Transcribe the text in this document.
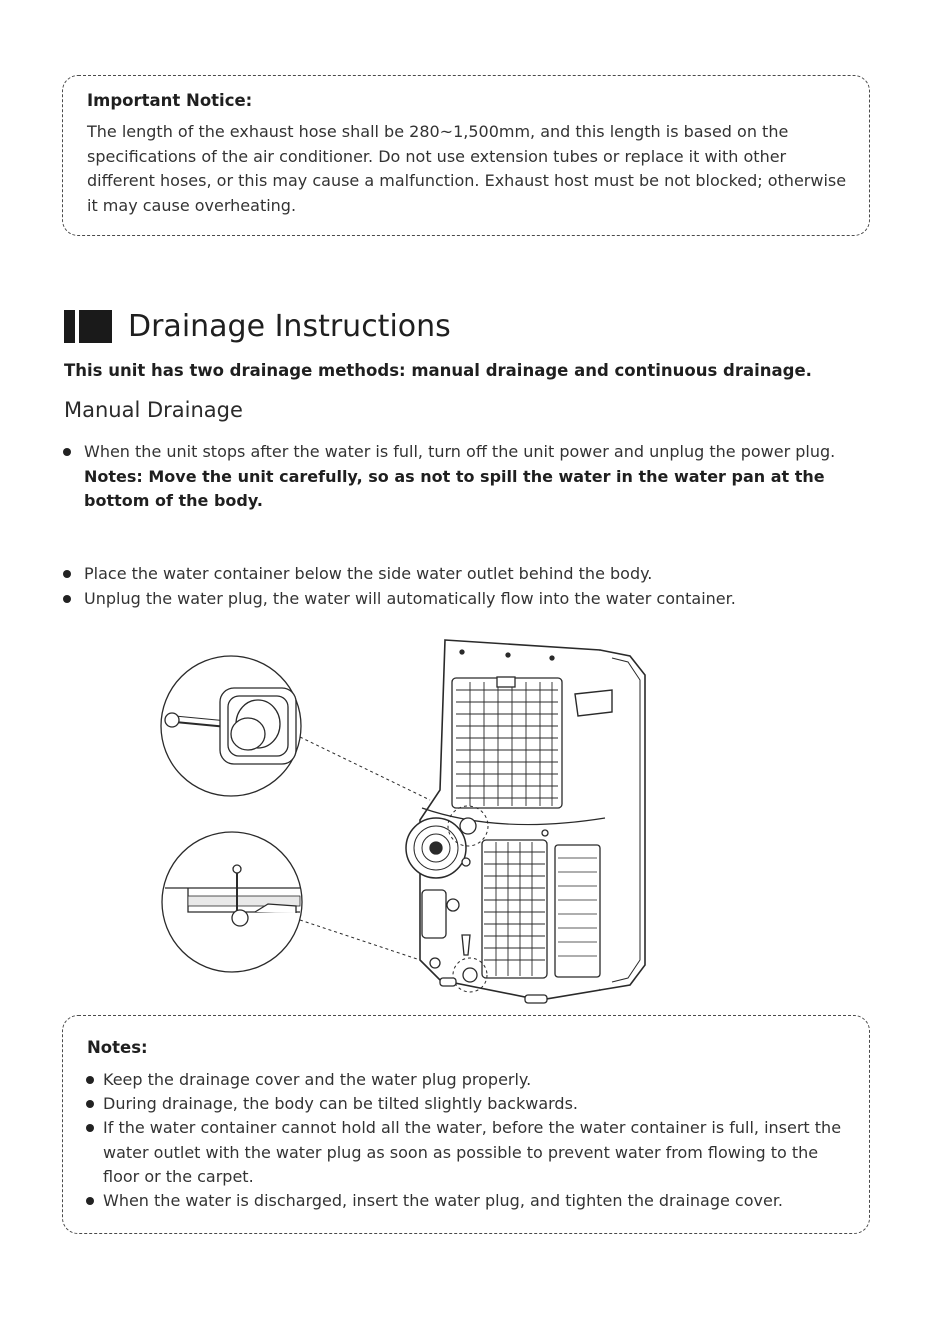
Important Notice:
The length of the exhaust hose shall be 280~1,500mm, and this length is based on the specifications of the air conditioner. Do not use extension tubes or replace it with other different hoses, or this may cause a malfunction. Exhaust host must be not blocked; otherwise it may cause overheating.
Drainage Instructions
This unit has two drainage methods: manual drainage and continuous drainage.
Manual Drainage
When the unit stops after the water is full, turn off the unit power and unplug the power plug.
Notes: Move the unit carefully, so as not to spill the water in the water pan at the bottom of the body.
Place the water container below the side water outlet behind the body.
Unplug the water plug, the water will automatically flow into the water container.
Notes:
Keep the drainage cover and the water plug properly.
During drainage, the body can be tilted slightly backwards.
If the water container cannot hold all the water, before the water container is full, insert the water outlet with the water plug as soon as possible to prevent water from flowing to the floor or the carpet.
When the water is discharged, insert the water plug, and tighten the drainage cover.
